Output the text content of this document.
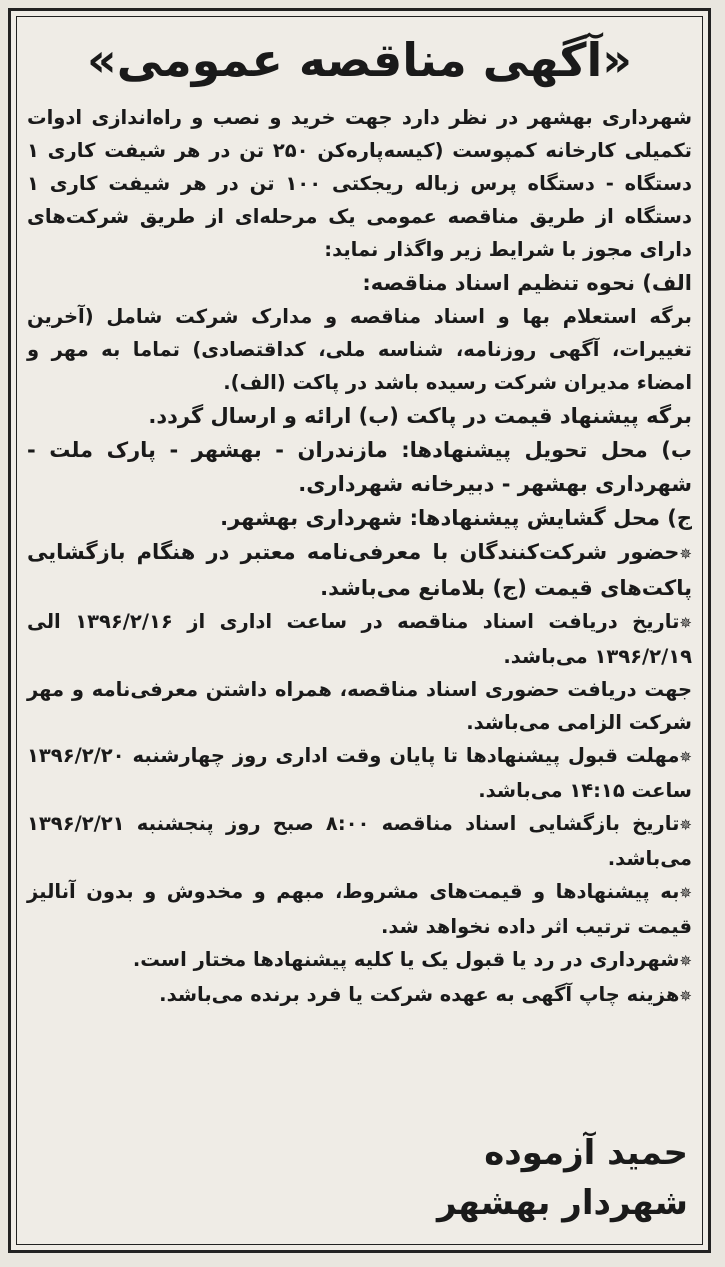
«آگهی مناقصه عمومی»

شهرداری بهشهر در نظر دارد جهت خرید و نصب و راه‌اندازی ادوات تکمیلی کارخانه کمپوست (کیسه‌پاره‌کن ۲۵۰ تن در هر شیفت کاری ۱ دستگاه - دستگاه پرس زباله ریجکتی ۱۰۰ تن در هر شیفت کاری ۱ دستگاه از طریق مناقصه عمومی یک مرحله‌ای از طریق شرکت‌های دارای مجوز با شرایط زیر واگذار نماید:

الف) نحوه تنظیم اسناد مناقصه:

برگه استعلام بها و اسناد مناقصه و مدارک شرکت شامل (آخرین تغییرات، آگهی روزنامه، شناسه ملی، کداقتصادی) تماما به مهر و امضاء مدیران شرکت رسیده باشد در پاکت (الف).

برگه پیشنهاد قیمت در پاکت (ب) ارائه و ارسال گردد.

ب) محل تحویل پیشنهادها: مازندران - بهشهر - پارک ملت - شهرداری بهشهر - دبیرخانه شهرداری.

ج) محل گشایش پیشنهادها: شهرداری بهشهر.

✵ حضور شرکت‌کنندگان با معرفی‌نامه معتبر در هنگام بازگشایی پاکت‌های قیمت (ج) بلامانع می‌باشد.

✵ تاریخ دریافت اسناد مناقصه در ساعت اداری از ۱۳۹۶/۲/۱۶ الی ۱۳۹۶/۲/۱۹ می‌باشد.

جهت دریافت حضوری اسناد مناقصه، همراه داشتن معرفی‌نامه و مهر شرکت الزامی می‌باشد.

✵ مهلت قبول پیشنهادها تا پایان وقت اداری روز چهارشنبه ۱۳۹۶/۲/۲۰ ساعت ۱۴:۱۵ می‌باشد.

✵ تاریخ بازگشایی اسناد مناقصه ۸:۰۰ صبح روز پنجشنبه ۱۳۹۶/۲/۲۱ می‌باشد.

✵ به پیشنهادها و قیمت‌های مشروط، مبهم و مخدوش و بدون آنالیز قیمت ترتیب اثر داده نخواهد شد.

✵ شهرداری در رد یا قبول یک یا کلیه پیشنهادها مختار است.

✵ هزینه چاپ آگهی به عهده شرکت یا فرد برنده می‌باشد.

حمید آزموده
شهردار بهشهر
